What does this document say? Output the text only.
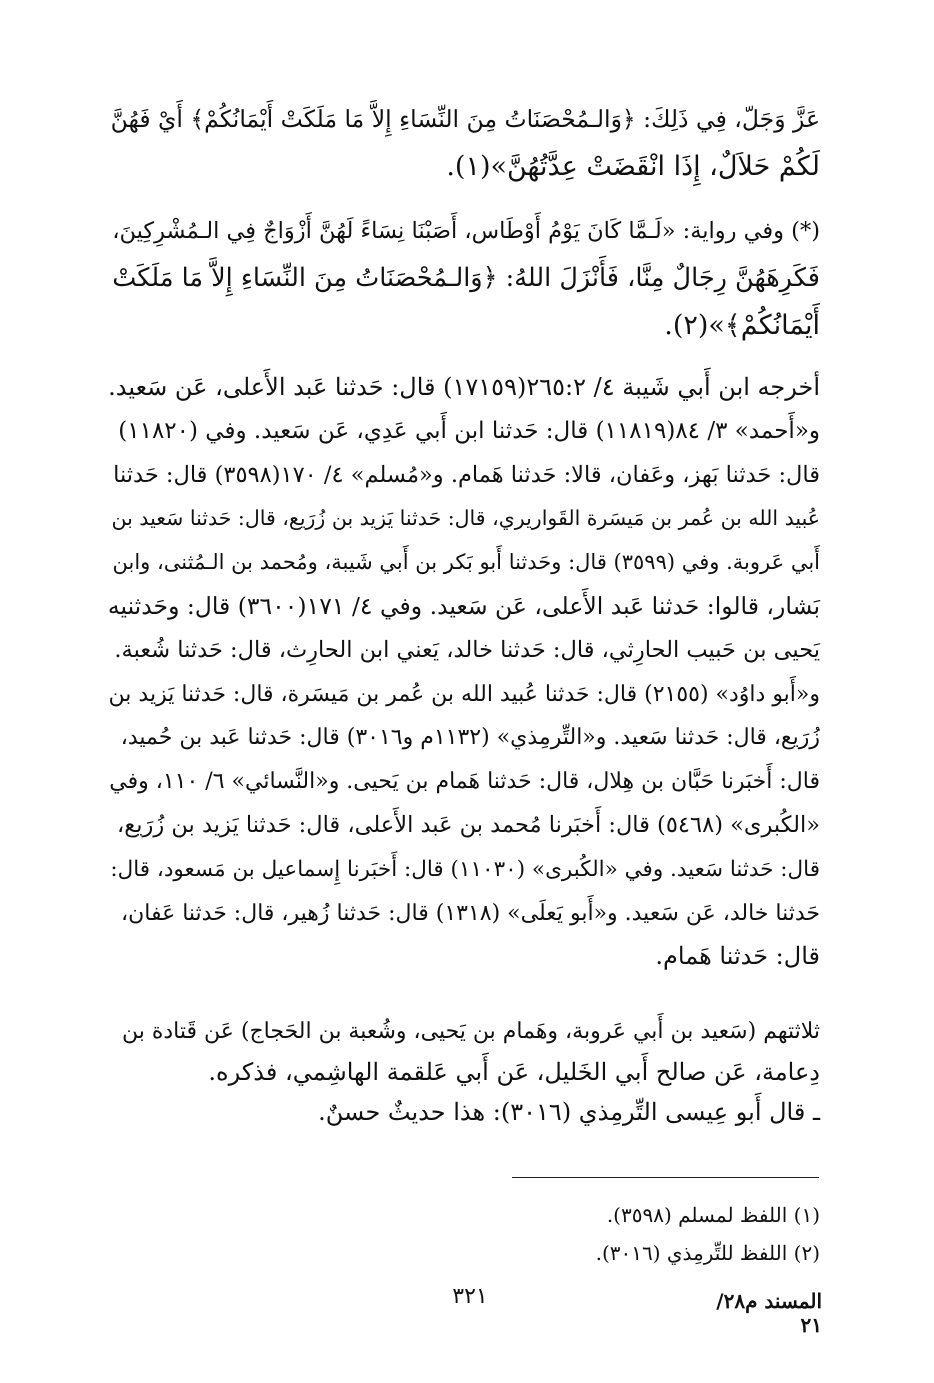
عَزَّ وَجَلّ، فِي ذَلِكَ: ﴿وَالـمُحْصَنَاتُ مِنَ النِّسَاءِ إِلاَّ مَا مَلَكَتْ أَيْمَانُكُمْ﴾ أَيْ فَهُنَّ
لَكُمْ حَلاَلٌ، إِذَا انْقَضَتْ عِدَّتُهُنَّ»(١).
(*) وفي رواية: «لَـمَّا كَانَ يَوْمُ أَوْطَاس، أَصَبْنَا نِسَاءً لَهُنَّ أَزْوَاجٌ فِي الـمُشْرِكِينَ،
فَكَرِهَهُنَّ رِجَالٌ مِنَّا، فَأَنْزَلَ اللهُ: ﴿وَالـمُحْصَنَاتُ مِنَ النِّسَاءِ إِلاَّ مَا مَلَكَتْ
أَيْمَانُكُمْ﴾»(٢).
أخرجه ابن أَبي شَيبة ٤/ ٢٦٥:٢(١٧١٥٩) قال: حَدثنا عَبد الأَعلى، عَن سَعيد.
و«أَحمد» ٣/ ٨٤(١١٨١٩) قال: حَدثنا ابن أَبي عَدِي، عَن سَعيد. وفي (١١٨٢٠)
قال: حَدثنا بَهز، وعَفان، قالا: حَدثنا هَمام. و«مُسلم» ٤/ ١٧٠(٣٥٩٨) قال: حَدثنا
عُبيد الله بن عُمر بن مَيسَرة القَواريري، قال: حَدثنا يَزيد بن زُرَيع، قال: حَدثنا سَعيد بن
أَبي عَروبة. وفي (٣٥٩٩) قال: وحَدثنا أَبو بَكر بن أَبي شَيبة، ومُحمد بن الـمُثنى، وابن
بَشار، قالوا: حَدثنا عَبد الأَعلى، عَن سَعيد. وفي ٤/ ١٧١(٣٦٠٠) قال: وحَدثنيه
يَحيى بن حَبيب الحارِثي، قال: حَدثنا خالد، يَعني ابن الحارِث، قال: حَدثنا شُعبة.
و«أَبو داوُد» (٢١٥٥) قال: حَدثنا عُبيد الله بن عُمر بن مَيسَرة، قال: حَدثنا يَزيد بن
زُرَيع، قال: حَدثنا سَعيد. و«التِّرمِذي» (١١٣٢م و٣٠١٦) قال: حَدثنا عَبد بن حُميد،
قال: أَخبَرنا حَبَّان بن هِلال، قال: حَدثنا هَمام بن يَحيى. و«النَّسائي» ٦/ ١١٠، وفي
«الكُبرى» (٥٤٦٨) قال: أَخبَرنا مُحمد بن عَبد الأَعلى، قال: حَدثنا يَزيد بن زُرَيع،
قال: حَدثنا سَعيد. وفي «الكُبرى» (١١٠٣٠) قال: أَخبَرنا إِسماعيل بن مَسعود، قال:
حَدثنا خالد، عَن سَعيد. و«أَبو يَعلَى» (١٣١٨) قال: حَدثنا زُهير، قال: حَدثنا عَفان،
قال: حَدثنا هَمام.
ثلاثتهم (سَعيد بن أَبي عَروبة، وهَمام بن يَحيى، وشُعبة بن الحَجاج) عَن قَتادة بن
دِعامة، عَن صالح أَبي الخَليل، عَن أَبي عَلقمة الهاشِمي، فذكره.
ـ قال أَبو عِيسى التِّرمِذي (٣٠١٦): هذا حديثٌ حسنٌ.
(١) اللفظ لمسلم (٣٥٩٨).
(٢) اللفظ للتِّرمِذي (٣٠١٦).
٣٢١	المسند م٢٨/ ٢١
